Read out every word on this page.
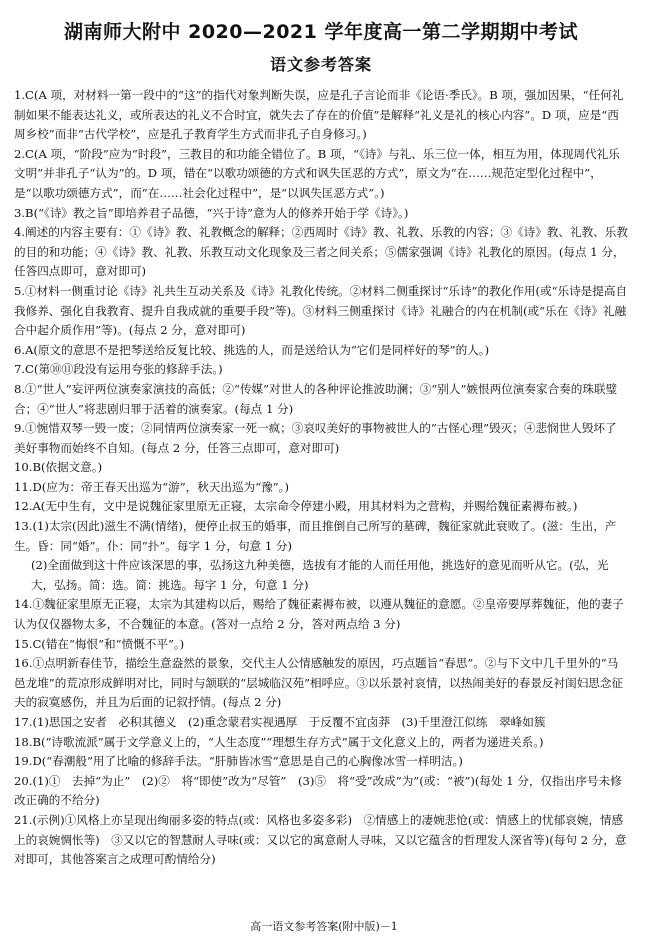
湖南师大附中 2020—2021 学年度高一第二学期期中考试
语文参考答案

1.C(A 项，对材料一第一段中的“这”的指代对象判断失误，应是孔子言论而非《论语·季氏》。B 项，强加因果，“任何礼制如果不能表达礼义，或所表达的礼义不合时宜，就失去了存在的价值”是解释“礼义是礼的核心内容”。D 项，应是“西周乡校”而非“古代学校”，应是孔子教育学生方式而非孔子自身修习。)

2.C(A 项，“阶段”应为“时段”，三教目的和功能全错位了。B 项，“《诗》与礼、乐三位一体，相互为用，体现周代礼乐文明”并非孔子“认为”的。D 项，错在“以歌功颂德的方式和讽失匡恶的方式”，原文为“在……规范定型化过程中”，是“以歌功颂德方式”，而“在……社会化过程中”，是“以讽失匡恶方式”。)

3.B(“《诗》教之旨”即培养君子品德，“兴于诗”意为人的修养开始于学《诗》。)

4.阐述的内容主要有：①《诗》教、礼教概念的解释；②西周时《诗》教、礼教、乐教的内容；③《诗》教、礼教、乐教的目的和功能；④《诗》教、礼教、乐教互动文化现象及三者之间关系；⑤儒家强调《诗》礼教化的原因。(每点 1 分，任答四点即可，意对即可)

5.①材料一侧重讨论《诗》礼共生互动关系及《诗》礼教化传统。②材料二侧重探讨“乐诗”的教化作用(或“乐诗是提高自我修养、强化自我教育、提升自我成就的重要手段”等)。③材料三侧重探讨《诗》礼融合的内在机制(或“乐在《诗》礼融合中起介质作用”等)。(每点 2 分，意对即可)

6.A(原文的意思不是把琴送给反复比较、挑选的人，而是送给认为“它们是同样好的琴”的人。)

7.C(第⑩⑪段没有运用夸张的修辞手法。)

8.①“世人”妄评两位演奏家演技的高低；②“传媒”对世人的各种评论推波助澜；③“别人”嫉恨两位演奏家合奏的珠联璧合；④“世人”将悲剧归罪于活着的演奏家。(每点 1 分)

9.①惋惜双琴一毁一废；②同情两位演奏家一死一疯；③哀叹美好的事物被世人的“古怪心理”毁灭；④悲悯世人毁坏了美好事物而始终不自知。(每点 2 分，任答三点即可，意对即可)

10.B(依据文意。)

11.D(应为：帝王春天出巡为“游”，秋天出巡为“豫”。)

12.A(无中生有，文中是说魏征家里原无正寝，太宗命令停建小殿，用其材料为之营构，并赐给魏征素褥布被。)

13.(1)太宗(因此)滋生不满(情绪)，便停止叔玉的婚事，而且推倒自己所写的墓碑，魏征家就此衰败了。(滋：生出，产生。昏：同“婚”。仆：同“扑”。每字 1 分，句意 1 分)

(2)全面做到这十件应该深思的事，弘扬这九种美德，选拔有才能的人而任用他，挑选好的意见而听从它。(弘，光大，弘扬。简：选。简：挑选。每字 1 分，句意 1 分)

14.①魏征家里原无正寝，太宗为其建构以后，赐给了魏征素褥布被，以遵从魏征的意愿。②皇帝要厚葬魏征，他的妻子认为仅仅器物太多，不合魏征的本意。(答对一点给 2 分，答对两点给 3 分)

15.C(错在“悔恨”和“愤慨不平”。)

16.①点明新春佳节，描绘生意盎然的景象，交代主人公情感触发的原因，巧点题旨“春思”。②与下文中几千里外的“马邑龙堆”的荒凉形成鲜明对比，同时与颔联的“层城临汉苑”相呼应。③以乐景衬哀情，以热闹美好的春景反衬闺妇思念征夫的寂寞感伤，并且为后面的记叙抒情。(每点 2 分)

17.(1)思国之安者　必积其德义　(2)重念蒙君实视遇厚　于反覆不宜卤莽　(3)千里澄江似练　翠峰如簇

18.B(“诗歌流派”属于文学意义上的，“人生态度”“理想生存方式”属于文化意义上的，两者为递进关系。)

19.D(“春潮般”用了比喻的修辞手法。“肝肺皆冰雪”意思是自己的心胸像冰雪一样明洁。)

20.(1)①　去掉“为止”　(2)②　将“即使”改为“尽管”　(3)⑤　将“受”改成“为”(或：“被”)(每处 1 分，仅指出序号未修改正确的不给分)

21.(示例)①风格上亦呈现出绚丽多姿的特点(或：风格也多姿多彩)　②情感上的凄婉悲怆(或：情感上的忧郁哀婉，情感上的哀婉惆怅等)　③又以它的智慧耐人寻味(或：又以它的寓意耐人寻味，又以它蕴含的哲理发人深省等)(每句 2 分，意对即可，其他答案言之成理可酌情给分)

高一语文参考答案(附中版)－1
